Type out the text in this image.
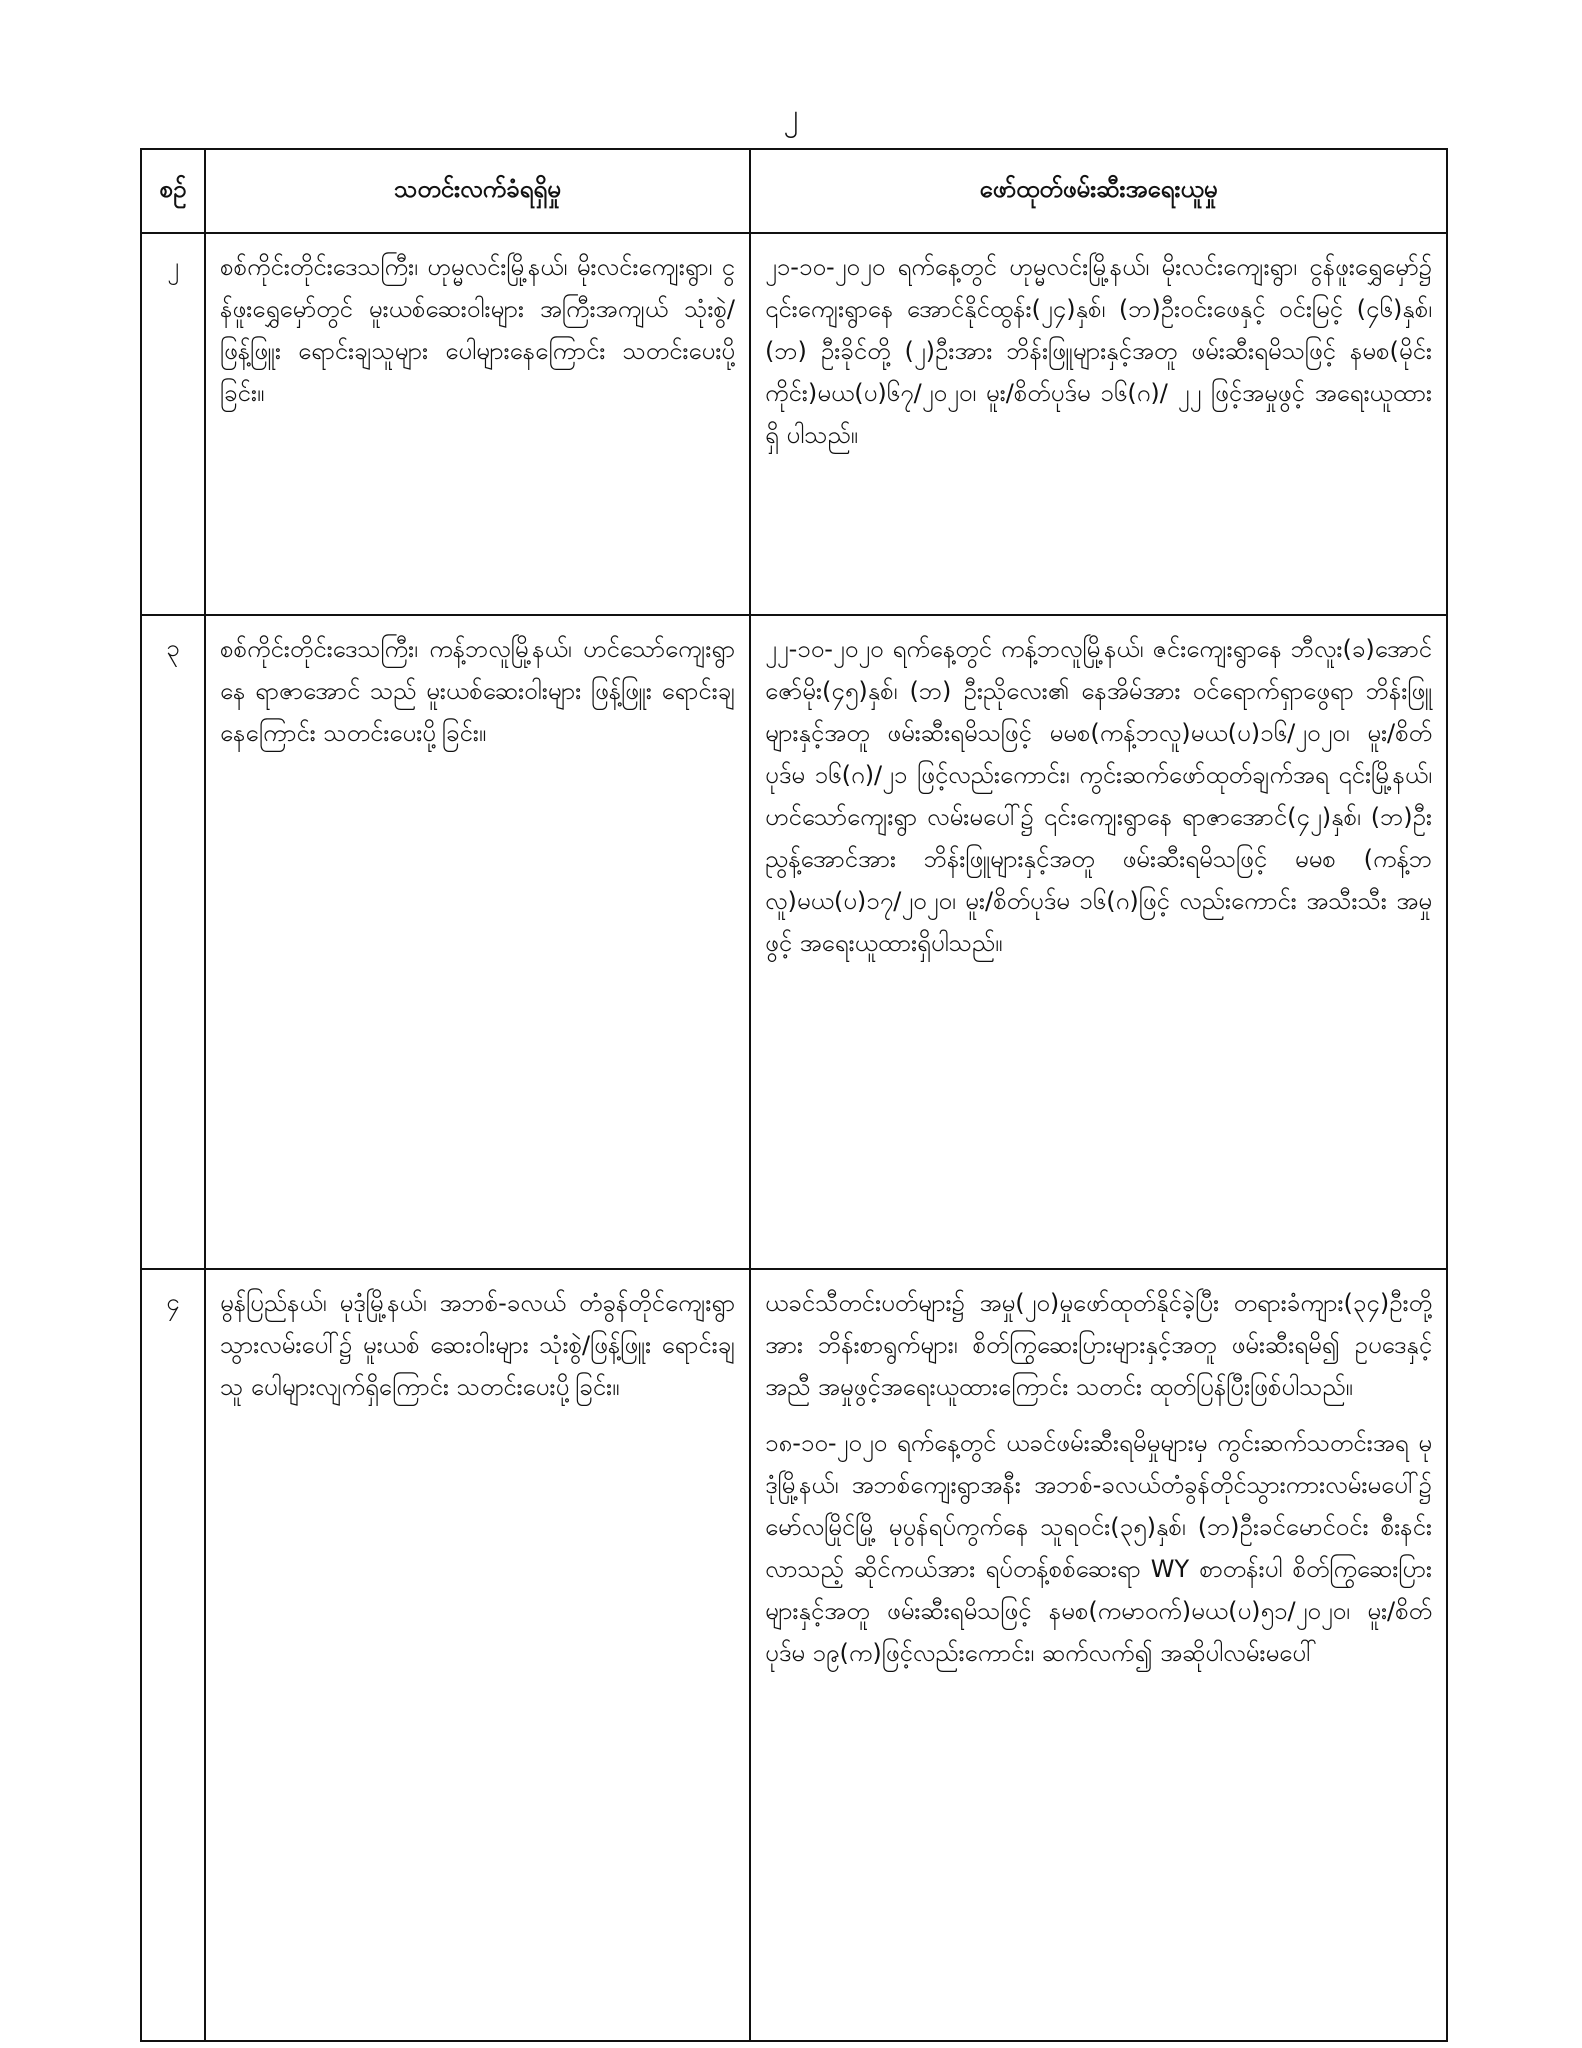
၂
စဉ်	သတင်းလက်ခံရရှိမှု	ဖော်ထုတ်ဖမ်းဆီးအရေးယူမှု
၂	စစ်ကိုင်းတိုင်းဒေသကြီး၊ ဟုမ္မလင်းမြို့နယ်၊ မိုးလင်းကျေးရွာ၊ ငွန်ဖူးရွှေမှော်တွင် မူးယစ်ဆေးဝါးများ အကြီးအကျယ် သုံးစွဲ/ဖြန့်ဖြူး ရောင်းချသူများ ပေါများနေကြောင်း သတင်းပေးပို့ခြင်း။	၂၁-၁၀-၂၀၂၀ ရက်နေ့တွင် ဟုမ္မလင်းမြို့နယ်၊ မိုးလင်းကျေးရွာ၊ ငွန်ဖူးရွှေမှော်၌ ၎င်းကျေးရွာနေ အောင်နိုင်ထွန်း(၂၄)နှစ်၊ (ဘ)ဦးဝင်းဖေနှင့် ဝင်းမြင့် (၄၆)နှစ်၊ (ဘ) ဦးခိုင်တို့ (၂)ဦးအား ဘိန်းဖြူများနှင့်အတူ ဖမ်းဆီးရမိသဖြင့် နမစ(မိုင်းကိုင်း)မယ(ပ)၆၇/၂၀၂၀၊ မူး/စိတ်ပုဒ်မ ၁၆(ဂ)/ ၂၂ ဖြင့်အမှုဖွင့် အရေးယူထားရှိ ပါသည်။

၃	စစ်ကိုင်းတိုင်းဒေသကြီး၊ ကန့်ဘလူမြို့နယ်၊ ဟင်သော်ကျေးရွာနေ ရာဇာအောင် သည် မူးယစ်ဆေးဝါးများ ဖြန့်ဖြူး ရောင်းချနေကြောင်း သတင်းပေးပို့ခြင်း။	၂၂-၁၀-၂၀၂၀ ရက်နေ့တွင် ကန့်ဘလူမြို့နယ်၊ ဇင်းကျေးရွာနေ ဘီလူး(ခ)အောင်ဇော်မိုး(၄၅)နှစ်၊ (ဘ) ဦးညိုလေး၏ နေအိမ်အား ဝင်ရောက်ရှာဖွေရာ ဘိန်းဖြူများနှင့်အတူ ဖမ်းဆီးရမိသဖြင့် မမစ(ကန့်ဘလူ)မယ(ပ)၁၆/၂၀၂၀၊ မူး/စိတ်ပုဒ်မ ၁၆(ဂ)/၂၁ ဖြင့်လည်းကောင်း၊ ကွင်းဆက်ဖော်ထုတ်ချက်အရ ၎င်းမြို့နယ်၊ ဟင်သော်ကျေးရွာ လမ်းမပေါ်၌ ၎င်းကျေးရွာနေ ရာဇာအောင်(၄၂)နှစ်၊ (ဘ)ဦးညွန့်အောင်အား ဘိန်းဖြူများနှင့်အတူ ဖမ်းဆီးရမိသဖြင့် မမစ (ကန့်ဘလူ)မယ(ပ)၁၇/၂၀၂၀၊ မူး/စိတ်ပုဒ်မ ၁၆(ဂ)ဖြင့် လည်းကောင်း အသီးသီး အမှုဖွင့် အရေးယူထားရှိပါသည်။

၄	မွန်ပြည်နယ်၊ မုဒုံမြို့နယ်၊ အဘစ်-ခလယ် တံခွန်တိုင်ကျေးရွာသွားလမ်းပေါ်၌ မူးယစ် ဆေးဝါးများ သုံးစွဲ/ဖြန့်ဖြူး ရောင်းချသူ ပေါများလျက်ရှိကြောင်း သတင်းပေးပို့ခြင်း။	ယခင်သီတင်းပတ်များ၌ အမှု(၂၀)မှုဖော်ထုတ်နိုင်ခဲ့ပြီး တရားခံကျား(၃၄)ဦးတို့အား ဘိန်းစာရွက်များ၊ စိတ်ကြွဆေးပြားများနှင့်အတူ ဖမ်းဆီးရမိ၍ ဥပဒေနှင့်အညီ အမှုဖွင့်အရေးယူထားကြောင်း သတင်း ထုတ်ပြန်ပြီးဖြစ်ပါသည်။

၁၈-၁၀-၂၀၂၀ ရက်နေ့တွင် ယခင်ဖမ်းဆီးရမိမှုများမှ ကွင်းဆက်သတင်းအရ မုဒုံမြို့နယ်၊ အဘစ်ကျေးရွာအနီး အဘစ်-ခလယ်တံခွန်တိုင်သွားကားလမ်းမပေါ်၌ မော်လမြိုင်မြို့ မုပွန်ရပ်ကွက်နေ သူရဝင်း(၃၅)နှစ်၊ (ဘ)ဦးခင်မောင်ဝင်း စီးနင်းလာသည့် ဆိုင်ကယ်အား ရပ်တန့်စစ်ဆေးရာ WY စာတန်းပါ စိတ်ကြွဆေးပြားများနှင့်အတူ ဖမ်းဆီးရမိသဖြင့် နမစ(ကမာဝက်)မယ(ပ)၅၁/၂၀၂၀၊ မူး/စိတ်ပုဒ်မ ၁၉(က)ဖြင့်လည်းကောင်း၊ ဆက်လက်၍ အဆိုပါလမ်းမပေါ်
